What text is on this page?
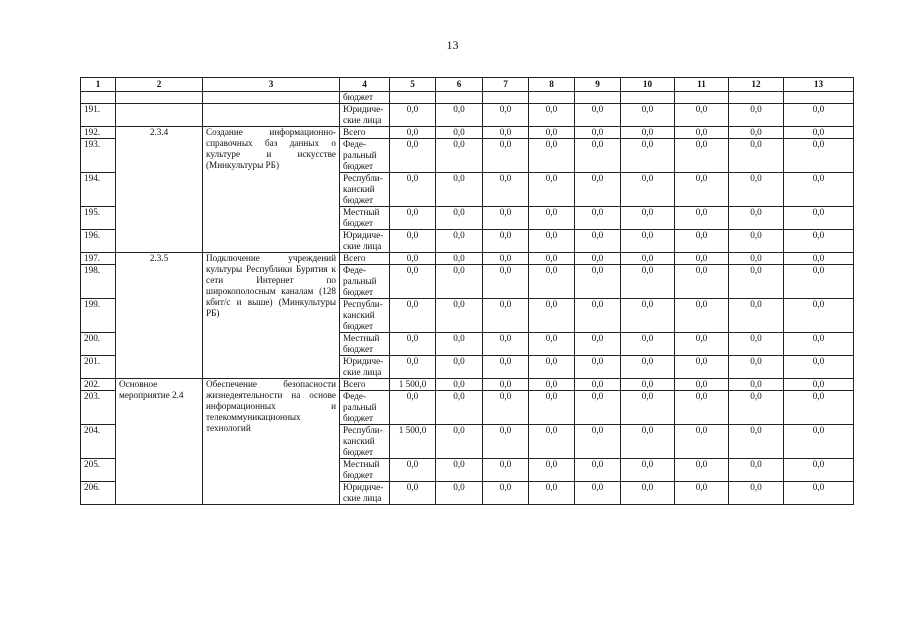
13
1	2	3	4	5	6	7	8	9	10	11	12	13
			бюджет									
191.			Юридиче-ские лица	0,0	0,0	0,0	0,0	0,0	0,0	0,0	0,0	0,0
192.	2.3.4	Создание информационно-справочных баз данных о культуре и искусстве (Минкультуры РБ)	Всего	0,0	0,0	0,0	0,0	0,0	0,0	0,0	0,0	0,0
193.			Феде-ральный бюджет	0,0	0,0	0,0	0,0	0,0	0,0	0,0	0,0	0,0
194.			Республи-канский бюджет	0,0	0,0	0,0	0,0	0,0	0,0	0,0	0,0	0,0
195.			Местный бюджет	0,0	0,0	0,0	0,0	0,0	0,0	0,0	0,0	0,0
196.			Юридиче-ские лица	0,0	0,0	0,0	0,0	0,0	0,0	0,0	0,0	0,0
197.	2.3.5	Подключение учреждений культуры Республики Бурятия к сети Интернет по широкополосным каналам (128 кбит/с и выше) (Минкультуры РБ)	Всего	0,0	0,0	0,0	0,0	0,0	0,0	0,0	0,0	0,0
198.			Феде-ральный бюджет	0,0	0,0	0,0	0,0	0,0	0,0	0,0	0,0	0,0
199.			Республи-канский бюджет	0,0	0,0	0,0	0,0	0,0	0,0	0,0	0,0	0,0
200.			Местный бюджет	0,0	0,0	0,0	0,0	0,0	0,0	0,0	0,0	0,0
201.			Юридиче-ские лица	0,0	0,0	0,0	0,0	0,0	0,0	0,0	0,0	0,0
202.	Основное мероприятие 2.4	Обеспечение безопасности жизнедеятельности на основе информационных и телекоммуникационных технологий	Всего	1 500,0	0,0	0,0	0,0	0,0	0,0	0,0	0,0	0,0
203.			Феде-ральный бюджет	0,0	0,0	0,0	0,0	0,0	0,0	0,0	0,0	0,0
204.			Республи-канский бюджет	1 500,0	0,0	0,0	0,0	0,0	0,0	0,0	0,0	0,0
205.			Местный бюджет	0,0	0,0	0,0	0,0	0,0	0,0	0,0	0,0	0,0
206.			Юридиче-ские лица	0,0	0,0	0,0	0,0	0,0	0,0	0,0	0,0	0,0
